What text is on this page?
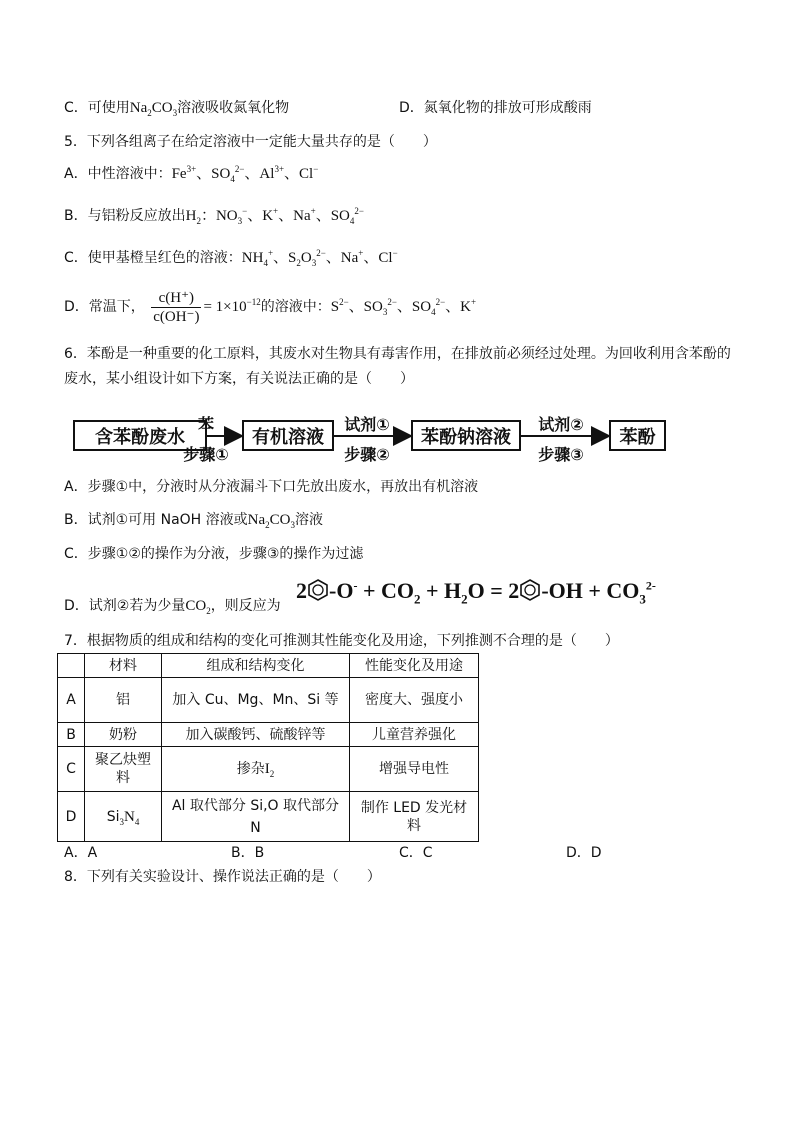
C．可使用$Na_2CO_3$溶液吸收氮氧化物	D．氮氧化物的排放可形成酸雨
5．下列各组离子在给定溶液中一定能大量共存的是（　　）
A．中性溶液中：$Fe^{3+}$、$SO_4^{2-}$、$Al^{3+}$、Cl−
B．与铝粉反应放出$H_2$：$NO_3^-$、K+、Na+、$SO_4^{2-}$
C．使甲基橙呈红色的溶液：$NH_4^+$、$S_2O_3^{2-}$、Na+、Cl−
D．常温下， $\frac{c(H^+)}{c(OH^-)} = 1\times 10^{-12}$的溶液中：$S^{2-}$、$SO_3^{2-}$、$SO_4^{2-}$、K+
6．苯酚是一种重要的化工原料，其废水对生物具有毒害作用，在排放前必须经过处理。为回收利用含苯酚的
废水，某小组设计如下方案，有关说法正确的是（　　）
含苯酚废水	有机溶液	苯酚钠溶液	苯酚
苯
步骤①
试剂①
步骤②
试剂②
步骤③
A．步骤①中，分液时从分液漏斗下口先放出废水，再放出有机溶液
B．试剂①可用 NaOH 溶液或$Na_2CO_3$溶液
C．步骤①②的操作为分液，步骤③的操作为过滤
D．试剂②若为少量$CO_2$，则反应为
2 $-O^- + CO_2 + H_2O = 2$ $-OH + CO_3^{2-}$
7．根据物质的组成和结构的变化可推测其性能变化及用途，下列推测不合理的是（　　）
	材料	组成和结构变化	性能变化及用途
A	铝	加入 Cu、Mg、Mn、Si 等	密度大、强度小
B	奶粉	加入碳酸钙、硫酸锌等	儿童营养强化
C	聚乙炔塑料	掺杂$I_2$	增强导电性
D	$Si_3N_4$	Al 取代部分 Si,O 取代部分 N	制作 LED 发光材料
A．A	B．B	C．C	D．D
8．下列有关实验设计、操作说法正确的是（　　）
